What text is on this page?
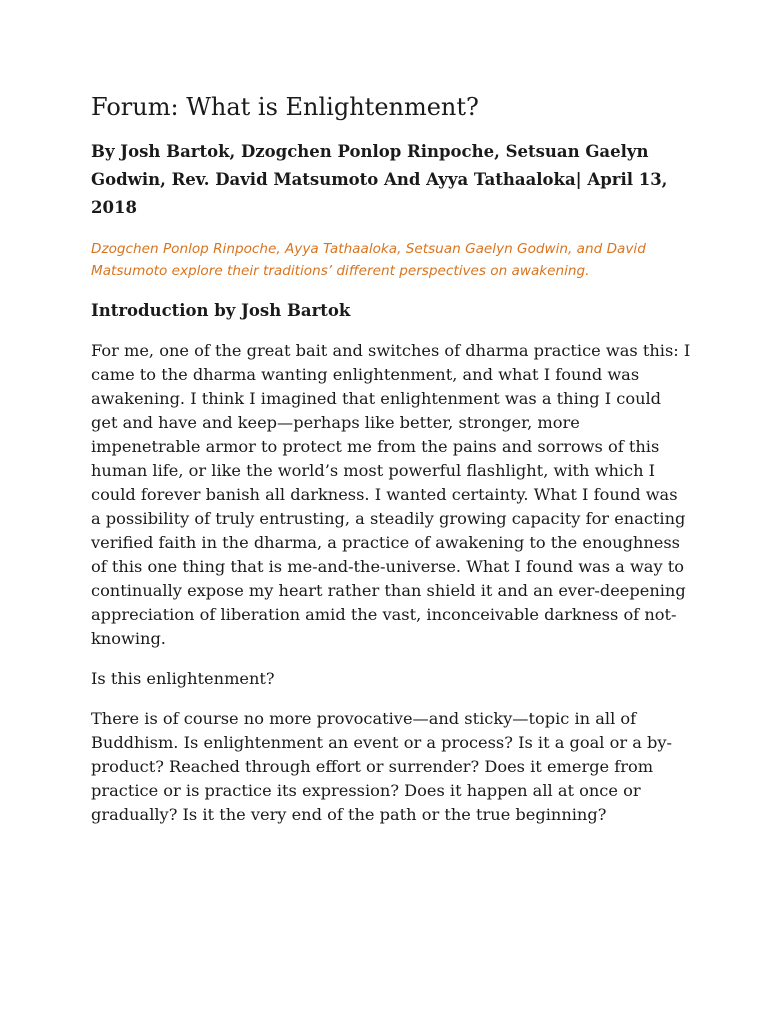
Forum: What is Enlightenment?

By Josh Bartok, Dzogchen Ponlop Rinpoche, Setsuan Gaelyn Godwin, Rev. David Matsumoto And Ayya Tathaaloka| April 13, 2018

Dzogchen Ponlop Rinpoche, Ayya Tathaaloka, Setsuan Gaelyn Godwin, and David Matsumoto explore their traditions’ different perspectives on awakening.

Introduction by Josh Bartok

For me, one of the great bait and switches of dharma practice was this: I came to the dharma wanting enlightenment, and what I found was awakening. I think I imagined that enlightenment was a thing I could get and have and keep—perhaps like better, stronger, more impenetrable armor to protect me from the pains and sorrows of this human life, or like the world’s most powerful flashlight, with which I could forever banish all darkness. I wanted certainty. What I found was a possibility of truly entrusting, a steadily growing capacity for enacting verified faith in the dharma, a practice of awakening to the enoughness of this one thing that is me-and-the-universe. What I found was a way to continually expose my heart rather than shield it and an ever-deepening appreciation of liberation amid the vast, inconceivable darkness of not-knowing.

Is this enlightenment?

There is of course no more provocative—and sticky—topic in all of Buddhism. Is enlightenment an event or a process? Is it a goal or a by-product? Reached through effort or surrender? Does it emerge from practice or is practice its expression? Does it happen all at once or gradually? Is it the very end of the path or the true beginning?
